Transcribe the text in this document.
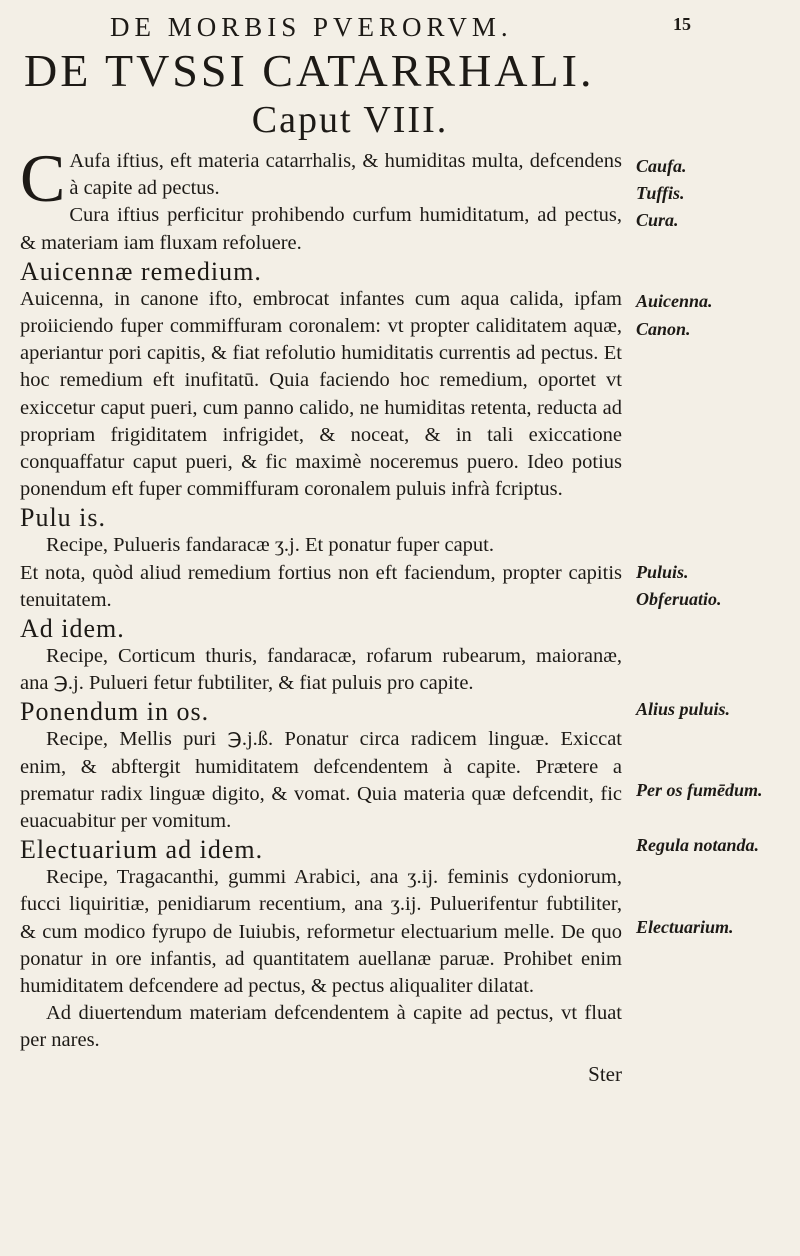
DE MORBIS PVERORVM.	15
DE TVSSI CATARRHALI.
Caput VIII.

C Aufa iftius, eft materia catarrhalis, & humiditas multa, defcendens à capite ad pectus.

Cura iftius perficitur prohibendo curfum humiditatum, ad pectus, & materiam iam fluxam refoluere.

Auicennæ remedium.

Auicenna, in canone ifto, embrocat infantes cum aqua calida, ipfam proiiciendo fuper commiffuram coronalem: vt propter caliditatem aquæ, aperiantur pori capitis, & fiat refolutio humiditatis currentis ad pectus. Et hoc remedium eft inufitatū. Quia faciendo hoc remedium, oportet vt exiccetur caput pueri, cum panno calido, ne humiditas retenta, reducta ad propriam frigiditatem infrigidet, & noceat, & in tali exiccatione conquaffatur caput pueri, & fic maximè noceremus puero. Ideo potius ponendum eft fuper commiffuram coronalem puluis infrà fcriptus.

Pulu is.

Recipe, Pulueris fandaracæ ʒ.j. Et ponatur fuper caput.

Et nota, quòd aliud remedium fortius non eft faciendum, propter capitis tenuitatem.

Ad idem.

Recipe, Corticum thuris, fandaracæ, rofarum rubearum, maioranæ, ana ℈.j. Pulueri fetur fubtiliter, & fiat puluis pro capite.

Ponendum in os.

Recipe, Mellis puri ℈.j.ß. Ponatur circa radicem linguæ. Exiccat enim, & abftergit humiditatem defcendentem à capite. Prætere a prematur radix linguæ digito, & vomat. Quia materia quæ defcendit, fic euacuabitur per vomitum.

Electuarium ad idem.

Recipe, Tragacanthi, gummi Arabici, ana ʒ.ij. feminis cydoniorum, fucci liquiritiæ, penidiarum recentium, ana ʒ.ij. Puluerifentur fubtiliter, & cum modico fyrupo de Iuiubis, reformetur electuarium melle. De quo ponatur in ore infantis, ad quantitatem auellanæ paruæ. Prohibet enim humiditatem defcendere ad pectus, & pectus aliqualiter dilatat.

Ad diuertendum materiam defcendentem à capite ad pectus, vt fluat per nares.

Ster
Caufa.
Tuffis.
Cura.
Auicenna.
Canon.
Puluis.
Obferuatio.
Alius puluis.
Per os fumēdum.
Regula notanda.
Electuarium.
